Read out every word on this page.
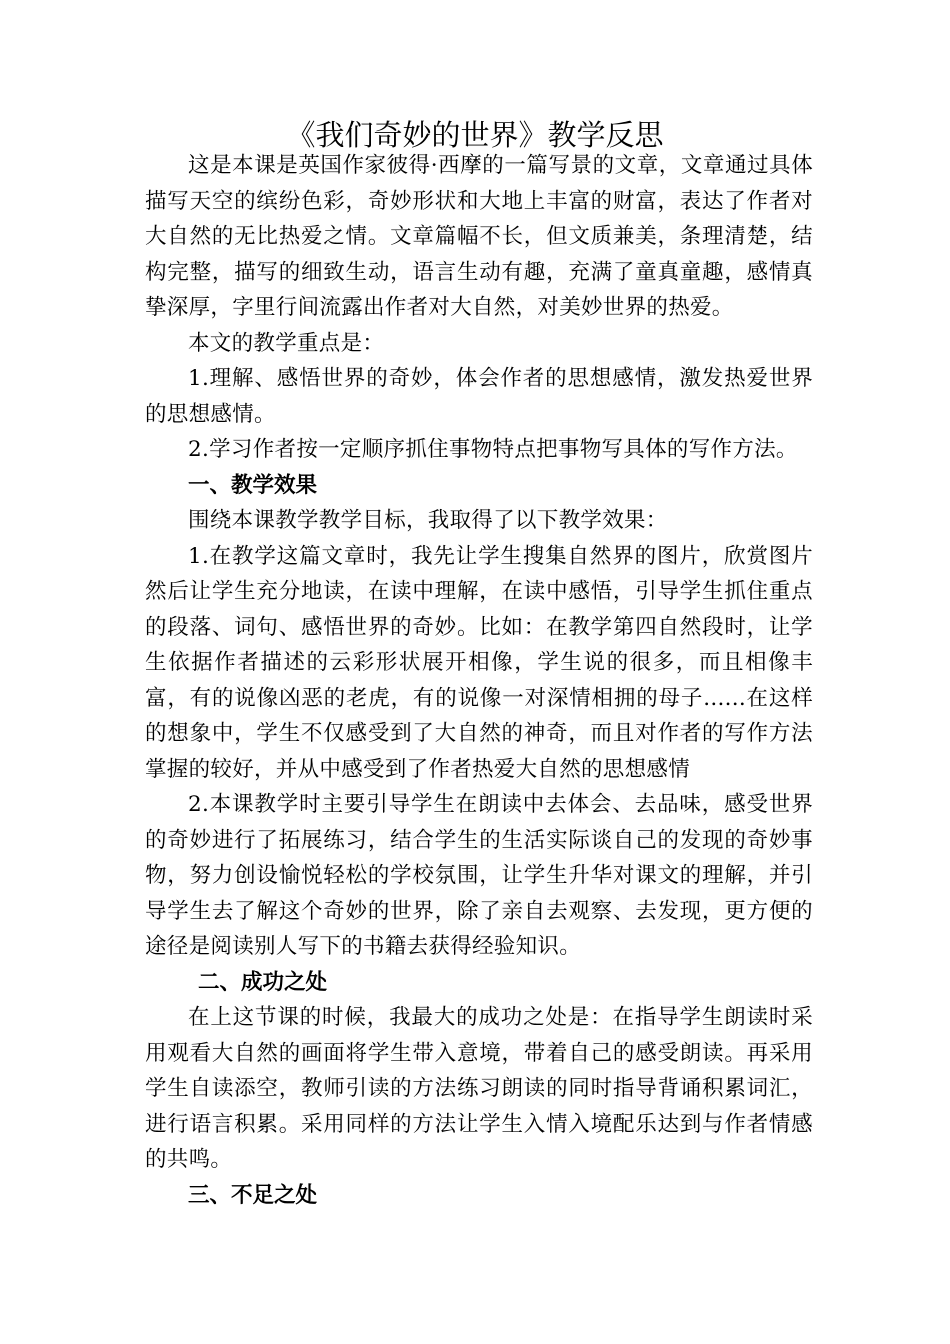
《我们奇妙的世界》教学反思

这是本课是英国作家彼得·西摩的一篇写景的文章，文章通过具体描写天空的缤纷色彩，奇妙形状和大地上丰富的财富，表达了作者对大自然的无比热爱之情。文章篇幅不长，但文质兼美，条理清楚，结构完整，描写的细致生动，语言生动有趣，充满了童真童趣，感情真挚深厚，字里行间流露出作者对大自然，对美妙世界的热爱。

本文的教学重点是：

1.理解、感悟世界的奇妙，体会作者的思想感情，激发热爱世界的思想感情。

2.学习作者按一定顺序抓住事物特点把事物写具体的写作方法。

一、教学效果

围绕本课教学教学目标，我取得了以下教学效果：

1.在教学这篇文章时，我先让学生搜集自然界的图片，欣赏图片然后让学生充分地读，在读中理解，在读中感悟，引导学生抓住重点的段落、词句、感悟世界的奇妙。比如：在教学第四自然段时，让学生依据作者描述的云彩形状展开相像，学生说的很多，而且相像丰富，有的说像凶恶的老虎，有的说像一对深情相拥的母子......在这样的想象中，学生不仅感受到了大自然的神奇，而且对作者的写作方法掌握的较好，并从中感受到了作者热爱大自然的思想感情

2.本课教学时主要引导学生在朗读中去体会、去品味，感受世界的奇妙进行了拓展练习，结合学生的生活实际谈自己的发现的奇妙事物，努力创设愉悦轻松的学校氛围，让学生升华对课文的理解，并引导学生去了解这个奇妙的世界，除了亲自去观察、去发现，更方便的途径是阅读别人写下的书籍去获得经验知识。

二、成功之处

在上这节课的时候，我最大的成功之处是：在指导学生朗读时采用观看大自然的画面将学生带入意境，带着自己的感受朗读。再采用学生自读添空，教师引读的方法练习朗读的同时指导背诵积累词汇，进行语言积累。采用同样的方法让学生入情入境配乐达到与作者情感的共鸣。

三、不足之处
